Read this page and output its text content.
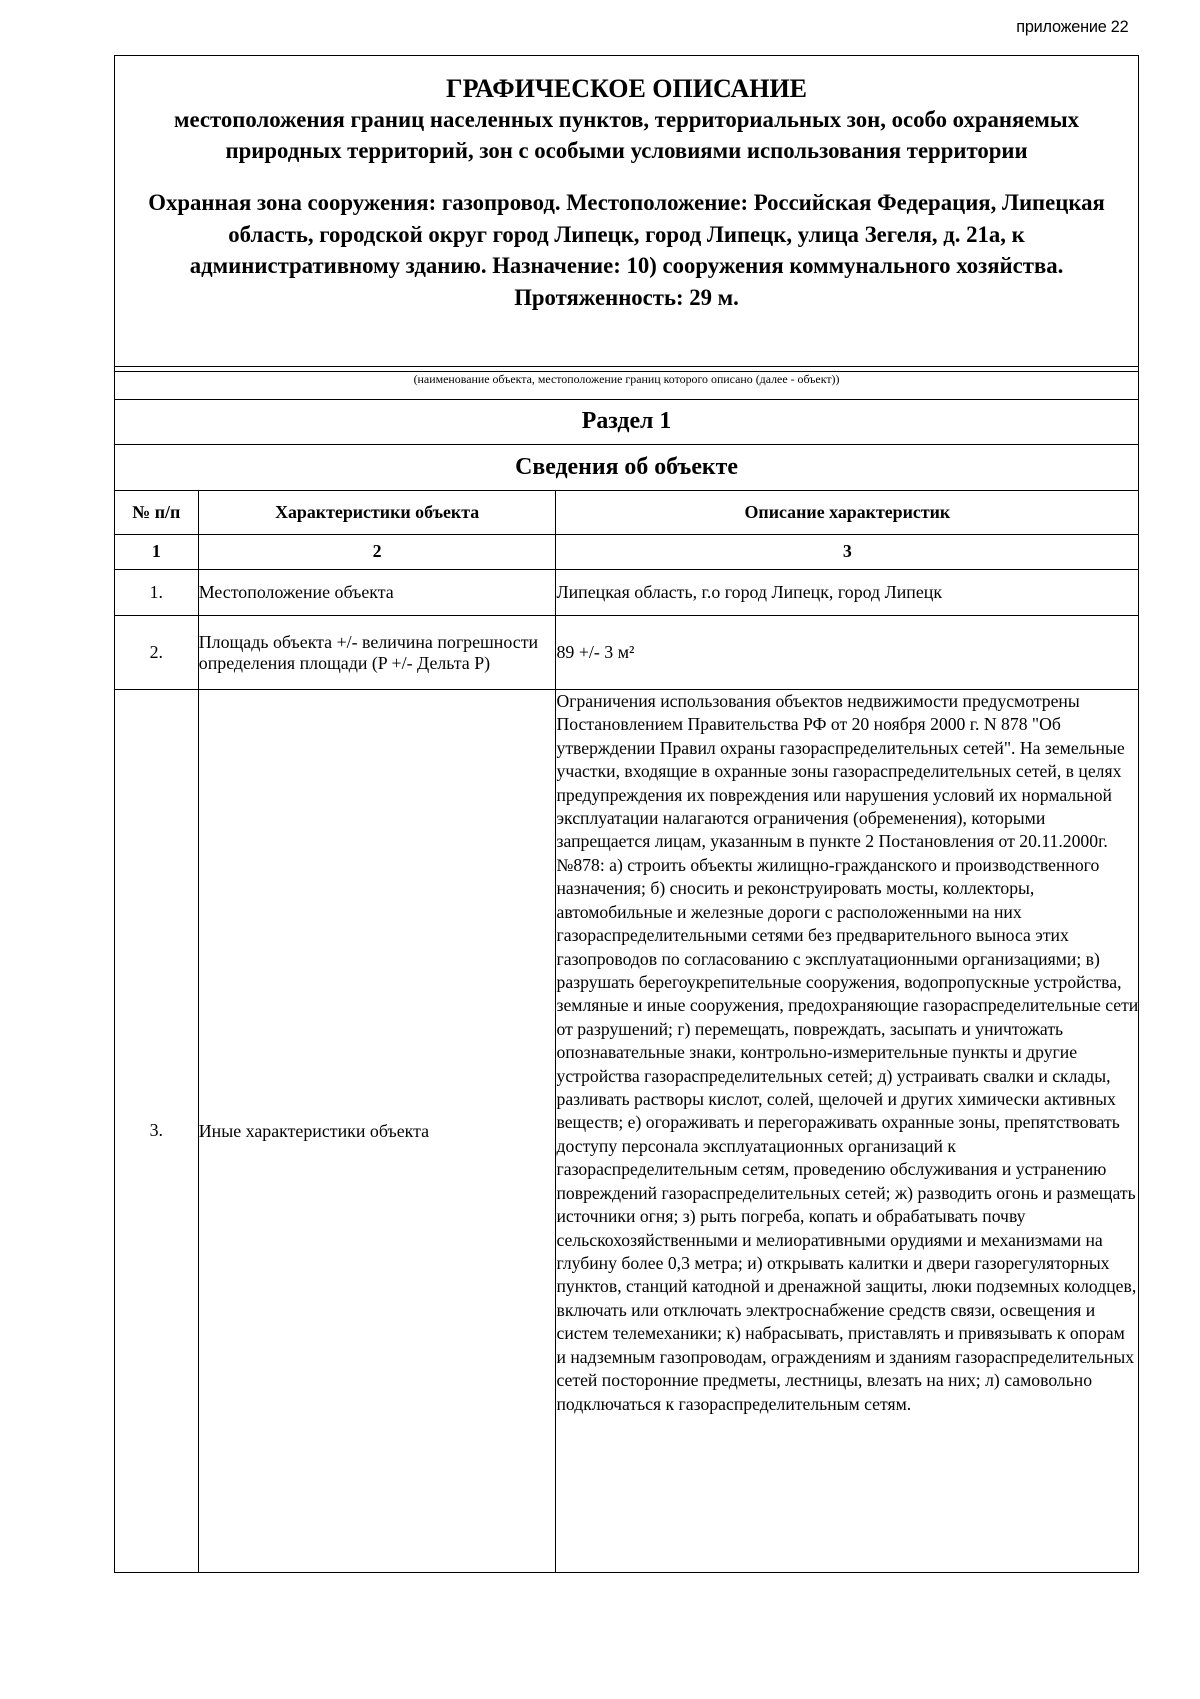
приложение 22
ГРАФИЧЕСКОЕ ОПИСАНИЕ
местоположения границ населенных пунктов, территориальных зон, особо охраняемых природных территорий, зон с особыми условиями использования территории
Охранная зона сооружения: газопровод. Местоположение: Российская Федерация, Липецкая область, городской округ город Липецк, город Липецк, улица Зегеля, д. 21а, к административному зданию. Назначение: 10) сооружения коммунального хозяйства. Протяженность: 29 м.
(наименование объекта, местоположение границ которого описано (далее - объект))
Раздел 1
Сведения об объекте
№ п/п	Характеристики объекта	Описание характеристик
1	2	3
1.	Местоположение объекта	Липецкая область, г.о город Липецк, город Липецк
2.	Площадь объекта +/- величина погрешности определения площади (P +/- Дельта P)	89 +/- 3 м²
3.	Иные характеристики объекта	Ограничения использования объектов недвижимости предусмотрены Постановлением Правительства РФ от 20 ноября 2000 г. N 878 "Об утверждении Правил охраны газораспределительных сетей". На земельные участки, входящие в охранные зоны газораспределительных сетей, в целях предупреждения их повреждения или нарушения условий их нормальной эксплуатации налагаются ограничения (обременения), которыми запрещается лицам, указанным в пункте 2 Постановления от 20.11.2000г. №878: а) строить объекты жилищно-гражданского и производственного назначения; б) сносить и реконструировать мосты, коллекторы, автомобильные и железные дороги с расположенными на них газораспределительными сетями без предварительного выноса этих газопроводов по согласованию с эксплуатационными организациями; в) разрушать берегоукрепительные сооружения, водопропускные устройства, земляные и иные сооружения, предохраняющие газораспределительные сети от разрушений; г) перемещать, повреждать, засыпать и уничтожать опознавательные знаки, контрольно-измерительные пункты и другие устройства газораспределительных сетей; д) устраивать свалки и склады, разливать растворы кислот, солей, щелочей и других химически активных веществ; е) огораживать и перегораживать охранные зоны, препятствовать доступу персонала эксплуатационных организаций к газораспределительным сетям, проведению обслуживания и устранению повреждений газораспределительных сетей; ж) разводить огонь и размещать источники огня; з) рыть погреба, копать и обрабатывать почву сельскохозяйственными и мелиоративными орудиями и механизмами на глубину более 0,3 метра; и) открывать калитки и двери газорегуляторных пунктов, станций катодной и дренажной защиты, люки подземных колодцев, включать или отключать электроснабжение средств связи, освещения и систем телемеханики; к) набрасывать, приставлять и привязывать к опорам и надземным газопроводам, ограждениям и зданиям газораспределительных сетей посторонние предметы, лестницы, влезать на них; л) самовольно подключаться к газораспределительным сетям.
